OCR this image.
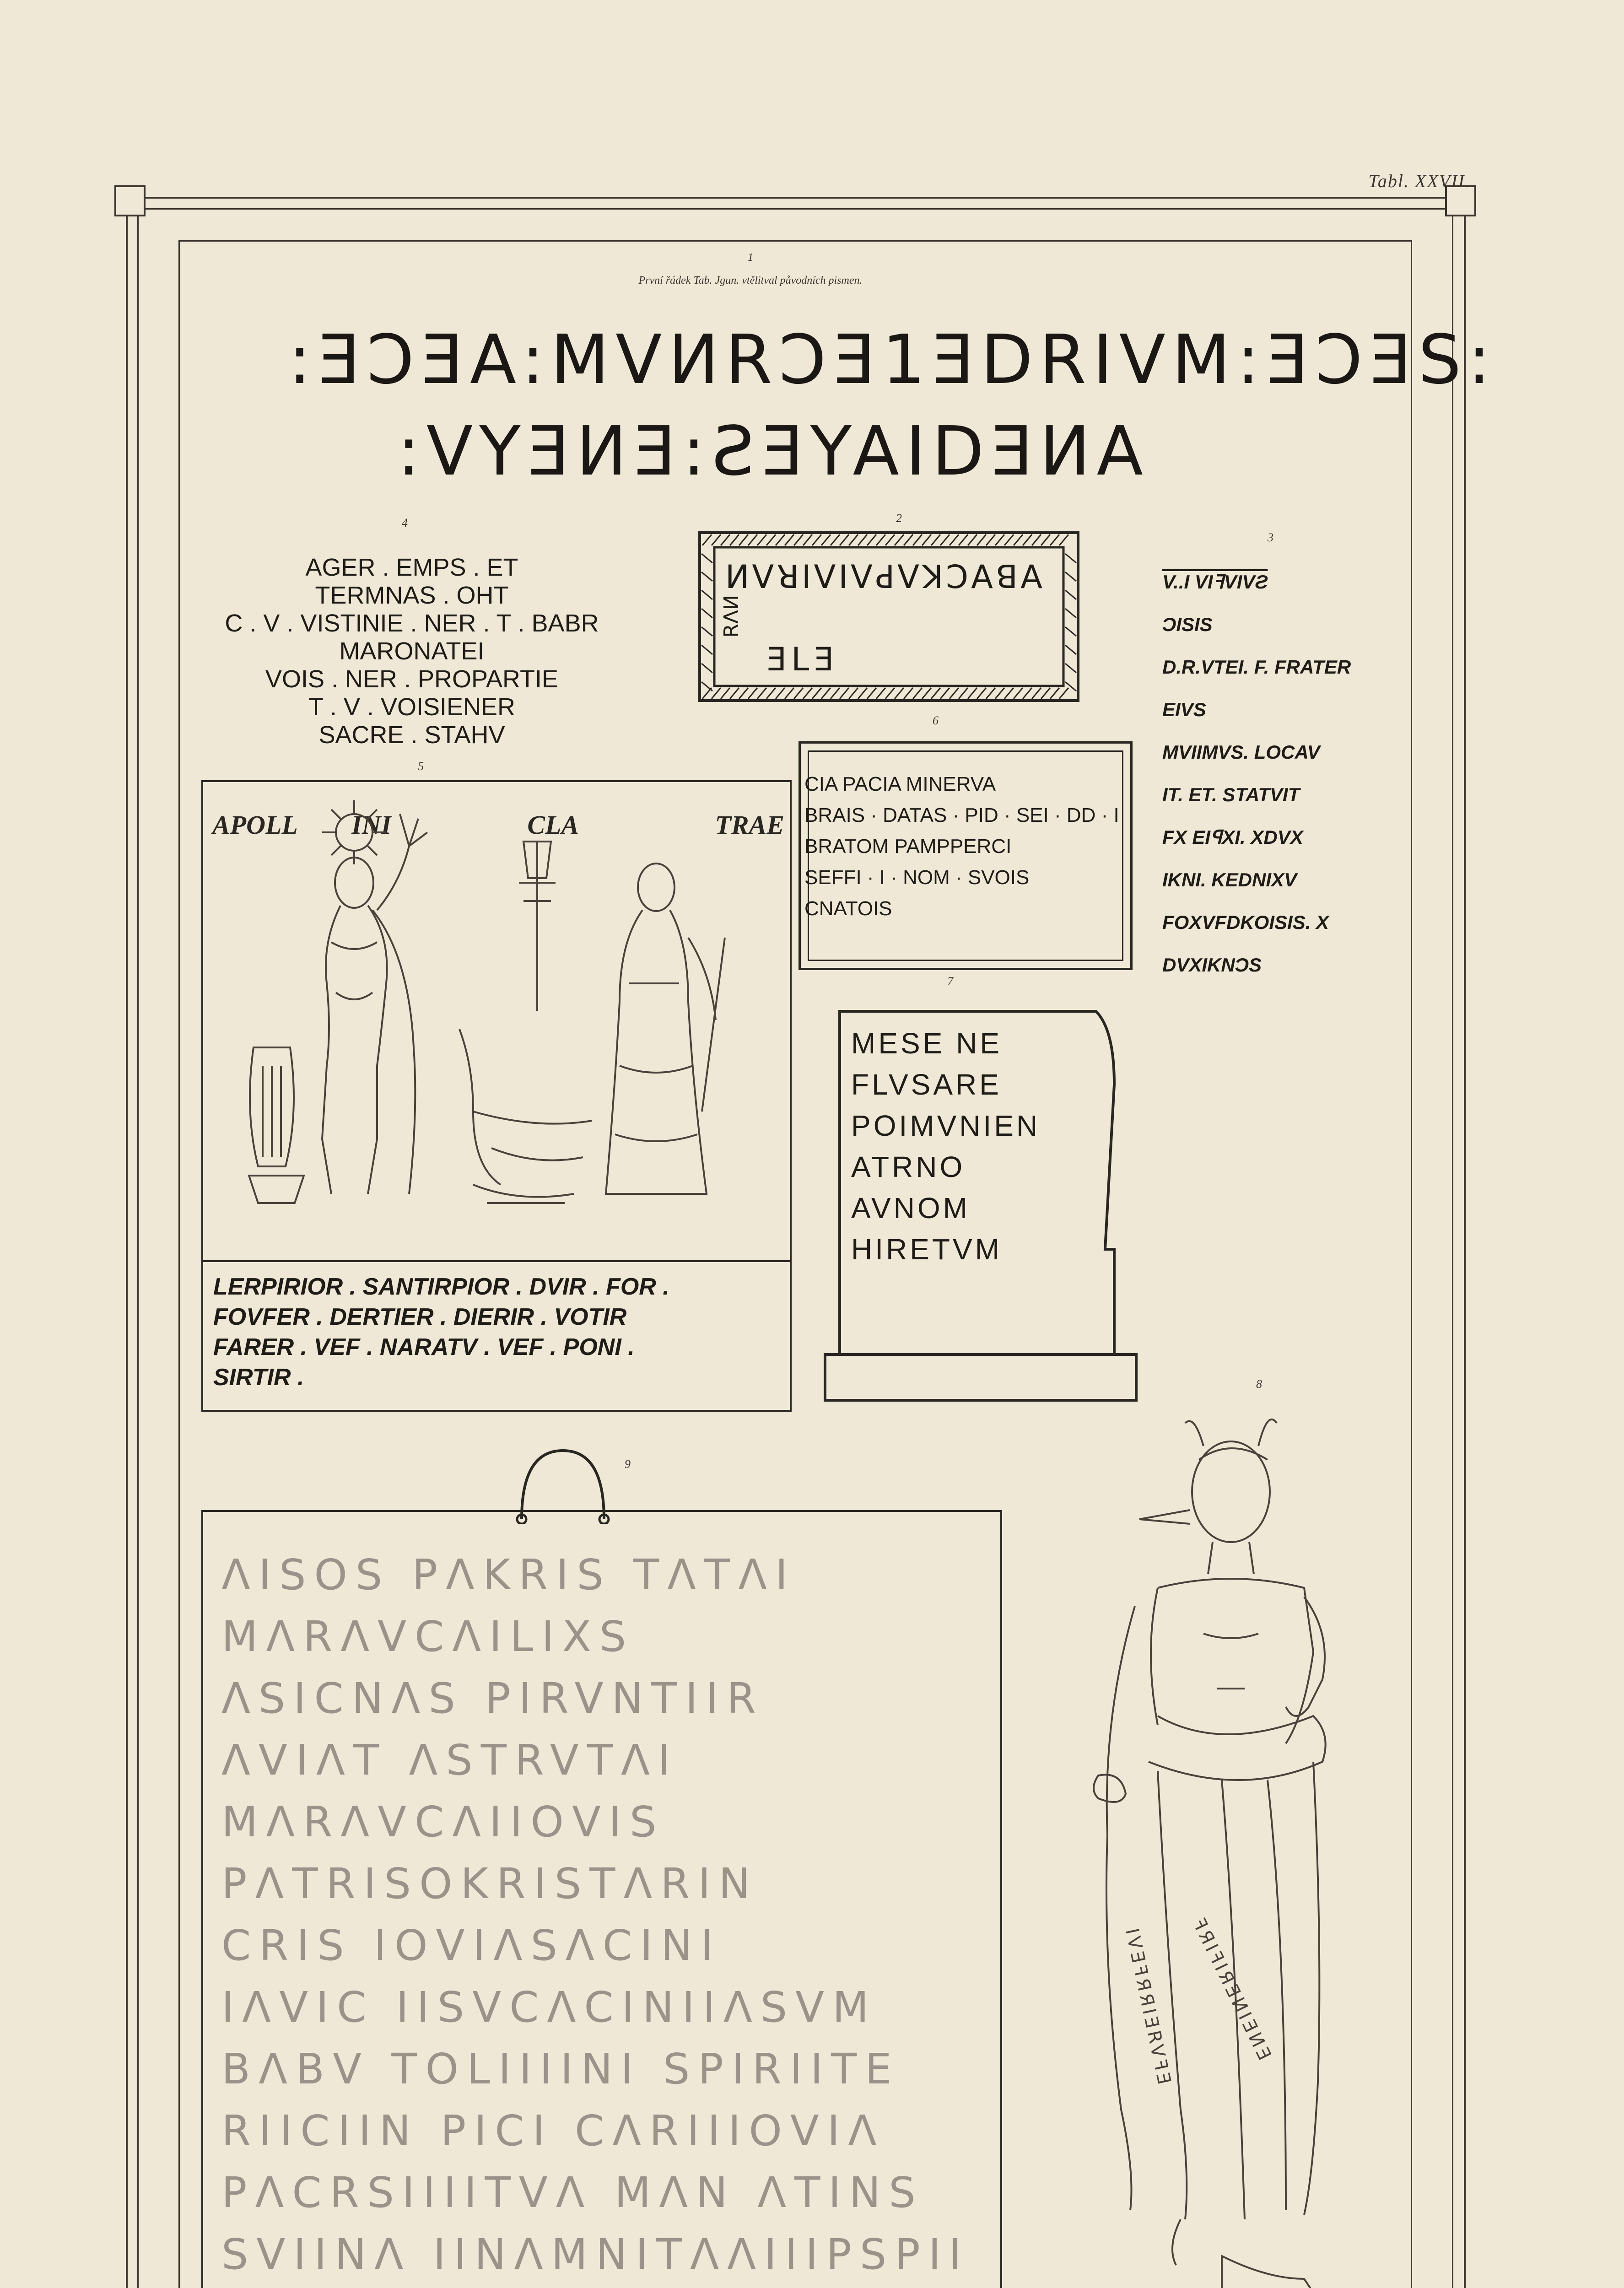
Tabl. XXVII.
1
První řádek Tab. Jgun. vtělitval původních pismen.
:ƎƆƎA:MVИRƆƎ1ƎDRIVM:ƎƆƎS:
:VYƎИƎ:ƧƎYAIDƎИA
4
AGER . EMPS . ET
TERMNAS . OHT
C . V . VISTINIE . NER . T . BABR
MARONATEI
VOIS . NER . PROPARTIE
T . V . VOISIENER
SACRE . STAHV
2
ИVꓤIVIVꓒVꓘꓛAꓭA
ИVꓤ
ƎLƎ
3
V..I VIꟻVIVƧ
ƆISIS
D.R.VTEI. F. FRATER
EIVS
MVIIMVS. LOCAV
IT. ET. STATVIT
FX EIꟼXI. XDVX
IKNI. KEDNIXV
FOXVFDKOISIS. X
DVXIKNƆS
6
CIA PACIA MINERVA
BRAIS · DATAS · PID · SEI · DD · I
BRATOM PAMPPERCI
SEFFI · I · NOM · SVOIS
CNATOIS
5
APOLL INI	CLA	TRAE
LERPIRIOR . SANTIRPIOR . DVIR . FOR .
FOVFER . DERTIER . DIERIR . VOTIR
FARER . VEF . NARATV . VEF . PONI .
SIRTIR .
7
MESE NE
FLVSARE
POIMVNIEN
ATRNO
AVNOM
HIRETVM
9
ΛΙSΟS ΡΛΚRIS ΤΛΤΛΙ
ΜΛRΛVCΛΙLΙΧS
ΛSΙCΝΛS ΡΙRVΝΤΙIR
ΛVΙΛΤ ΛSΤRVΤΛΙ
ΜΛRΛVCΛΙΙΟVΙS
ΡΛΤRΙSΟΚRΙSΤΛRΙΝ
CRΙS ΙΟVΙΛSΛCΙΝΙ
ΙΛVΙC ΙΙSVCΛCΙΝΙΙΛSVΜ
ΒΛΒV ΤΟLΙΙΙΙΝΙ SΡΙRΙΙΤΕ
RΙΙCΙΙΝ ΡΙCΙ CΛRΙΙΙΟVΙΛ
ΡΛCRSΙΙΙΙΤVΛ ΜΛΝ ΛΤΙΝS
SVΙΙΝΛ ΙΙΝΛΜΝΙΤΛΛΙΙΙΡSΡΙΙ
8
ꟻЯIꟻIЯƎИIƎИƎ
IVƎꟻЯЯIƎRVꟻƎ
